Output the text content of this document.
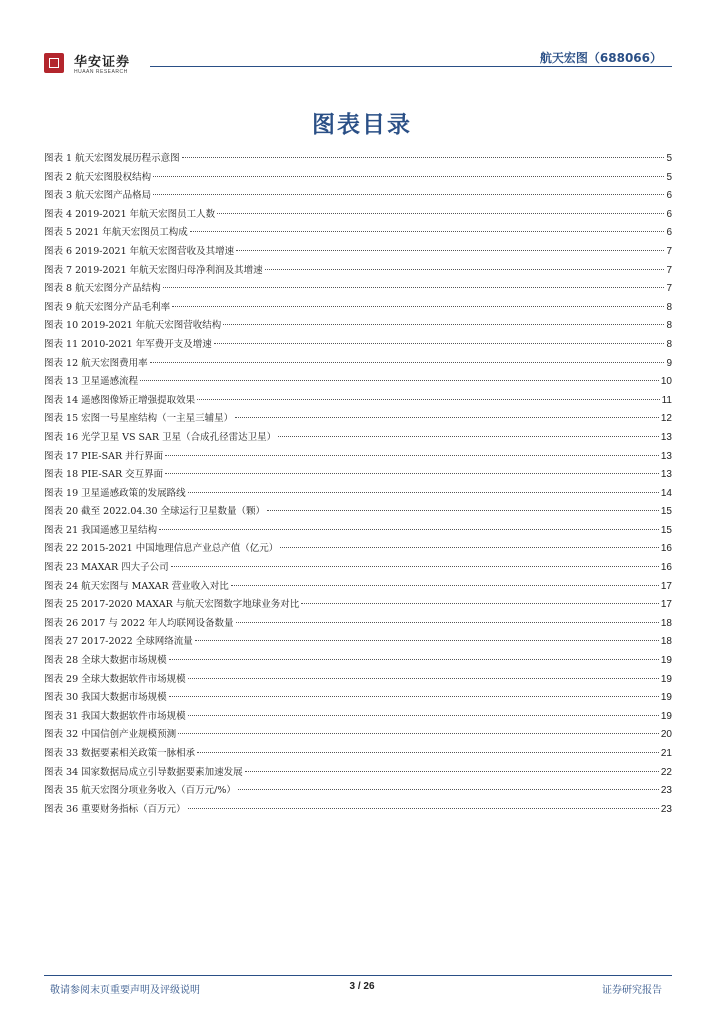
华安证券
HUAAN RESEARCH
航天宏图（688066）
图表目录
图表 1 航天宏图发展历程示意图	5
图表 2 航天宏图股权结构	5
图表 3 航天宏图产品格局	6
图表 4 2019-2021 年航天宏图员工人数	6
图表 5 2021 年航天宏图员工构成	6
图表 6 2019-2021 年航天宏图营收及其增速	7
图表 7 2019-2021 年航天宏图归母净利润及其增速	7
图表 8 航天宏图分产品结构	7
图表 9 航天宏图分产品毛利率	8
图表 10 2019-2021 年航天宏图营收结构	8
图表 11 2010-2021 年军费开支及增速	8
图表 12 航天宏图费用率	9
图表 13 卫星遥感流程	10
图表 14 遥感图像矫正增强提取效果	11
图表 15 宏图一号星座结构（一主星三辅星）	12
图表 16 光学卫星 VS SAR 卫星（合成孔径雷达卫星）	13
图表 17 PIE-SAR 并行界面	13
图表 18 PIE-SAR 交互界面	13
图表 19 卫星遥感政策的发展路线	14
图表 20 截至 2022.04.30 全球运行卫星数量（颗）	15
图表 21 我国遥感卫星结构	15
图表 22 2015-2021 中国地理信息产业总产值（亿元）	16
图表 23 MAXAR 四大子公司	16
图表 24 航天宏图与 MAXAR 营业收入对比	17
图表 25 2017-2020 MAXAR 与航天宏图数字地球业务对比	17
图表 26 2017 与 2022 年人均联网设备数量	18
图表 27 2017-2022 全球网络流量	18
图表 28 全球大数据市场规模	19
图表 29 全球大数据软件市场规模	19
图表 30 我国大数据市场规模	19
图表 31 我国大数据软件市场规模	19
图表 32 中国信创产业规模预测	20
图表 33 数据要素相关政策一脉相承	21
图表 34 国家数据局成立引导数据要素加速发展	22
图表 35 航天宏图分项业务收入（百万元/%）	23
图表 36 重要财务指标（百万元）	23
敬请参阅末页重要声明及评级说明	3 / 26	证券研究报告
